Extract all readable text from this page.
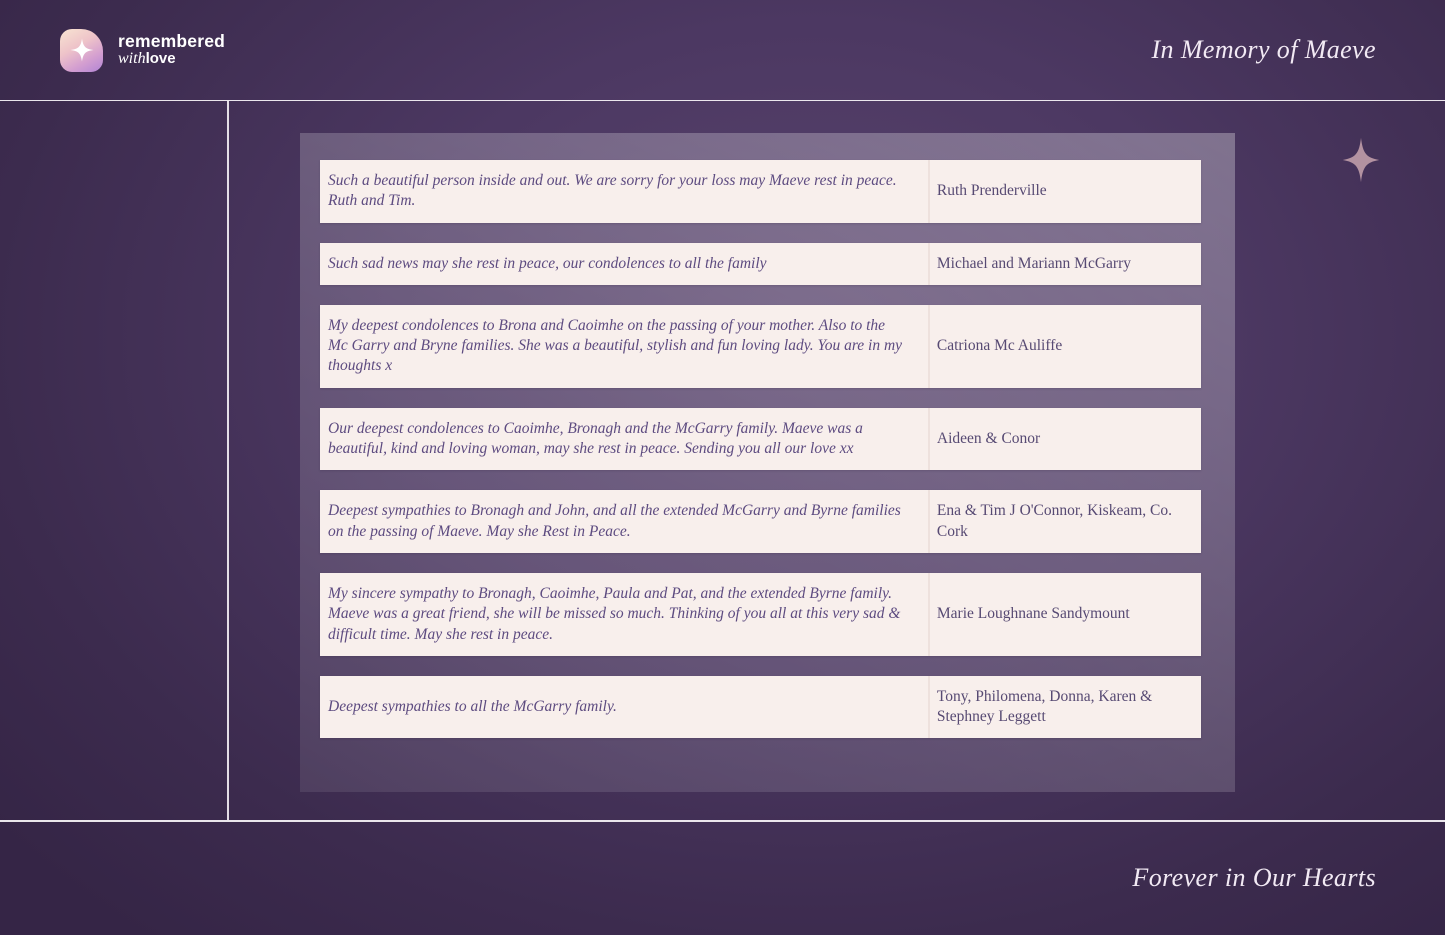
remembered
withlove	In Memory of Maeve
Such a beautiful person inside and out. We are sorry for your loss may Maeve rest in peace. Ruth and Tim.
Ruth Prenderville
Such sad news may she rest in peace, our condolences to all the family	Michael and Mariann McGarry
My deepest condolences to Brona and Caoimhe on the passing of your mother. Also to the Mc Garry and Bryne families. She was a beautiful, stylish and fun loving lady. You are in my thoughts x
Catriona Mc Auliffe
Our deepest condolences to Caoimhe, Bronagh and the McGarry family. Maeve was a beautiful, kind and loving woman, may she rest in peace. Sending you all our love xx
Aideen & Conor
Deepest sympathies to Bronagh and John, and all the extended McGarry and Byrne families on the passing of Maeve. May she Rest in Peace.
Ena & Tim J O'Connor, Kiskeam, Co. Cork
My sincere sympathy to Bronagh, Caoimhe, Paula and Pat, and the extended Byrne family. Maeve was a great friend, she will be missed so much. Thinking of you all at this very sad & difficult time. May she rest in peace.
Marie Loughnane Sandymount
Deepest sympathies to all the McGarry family.
Tony, Philomena, Donna, Karen & Stephney Leggett
Forever in Our Hearts
